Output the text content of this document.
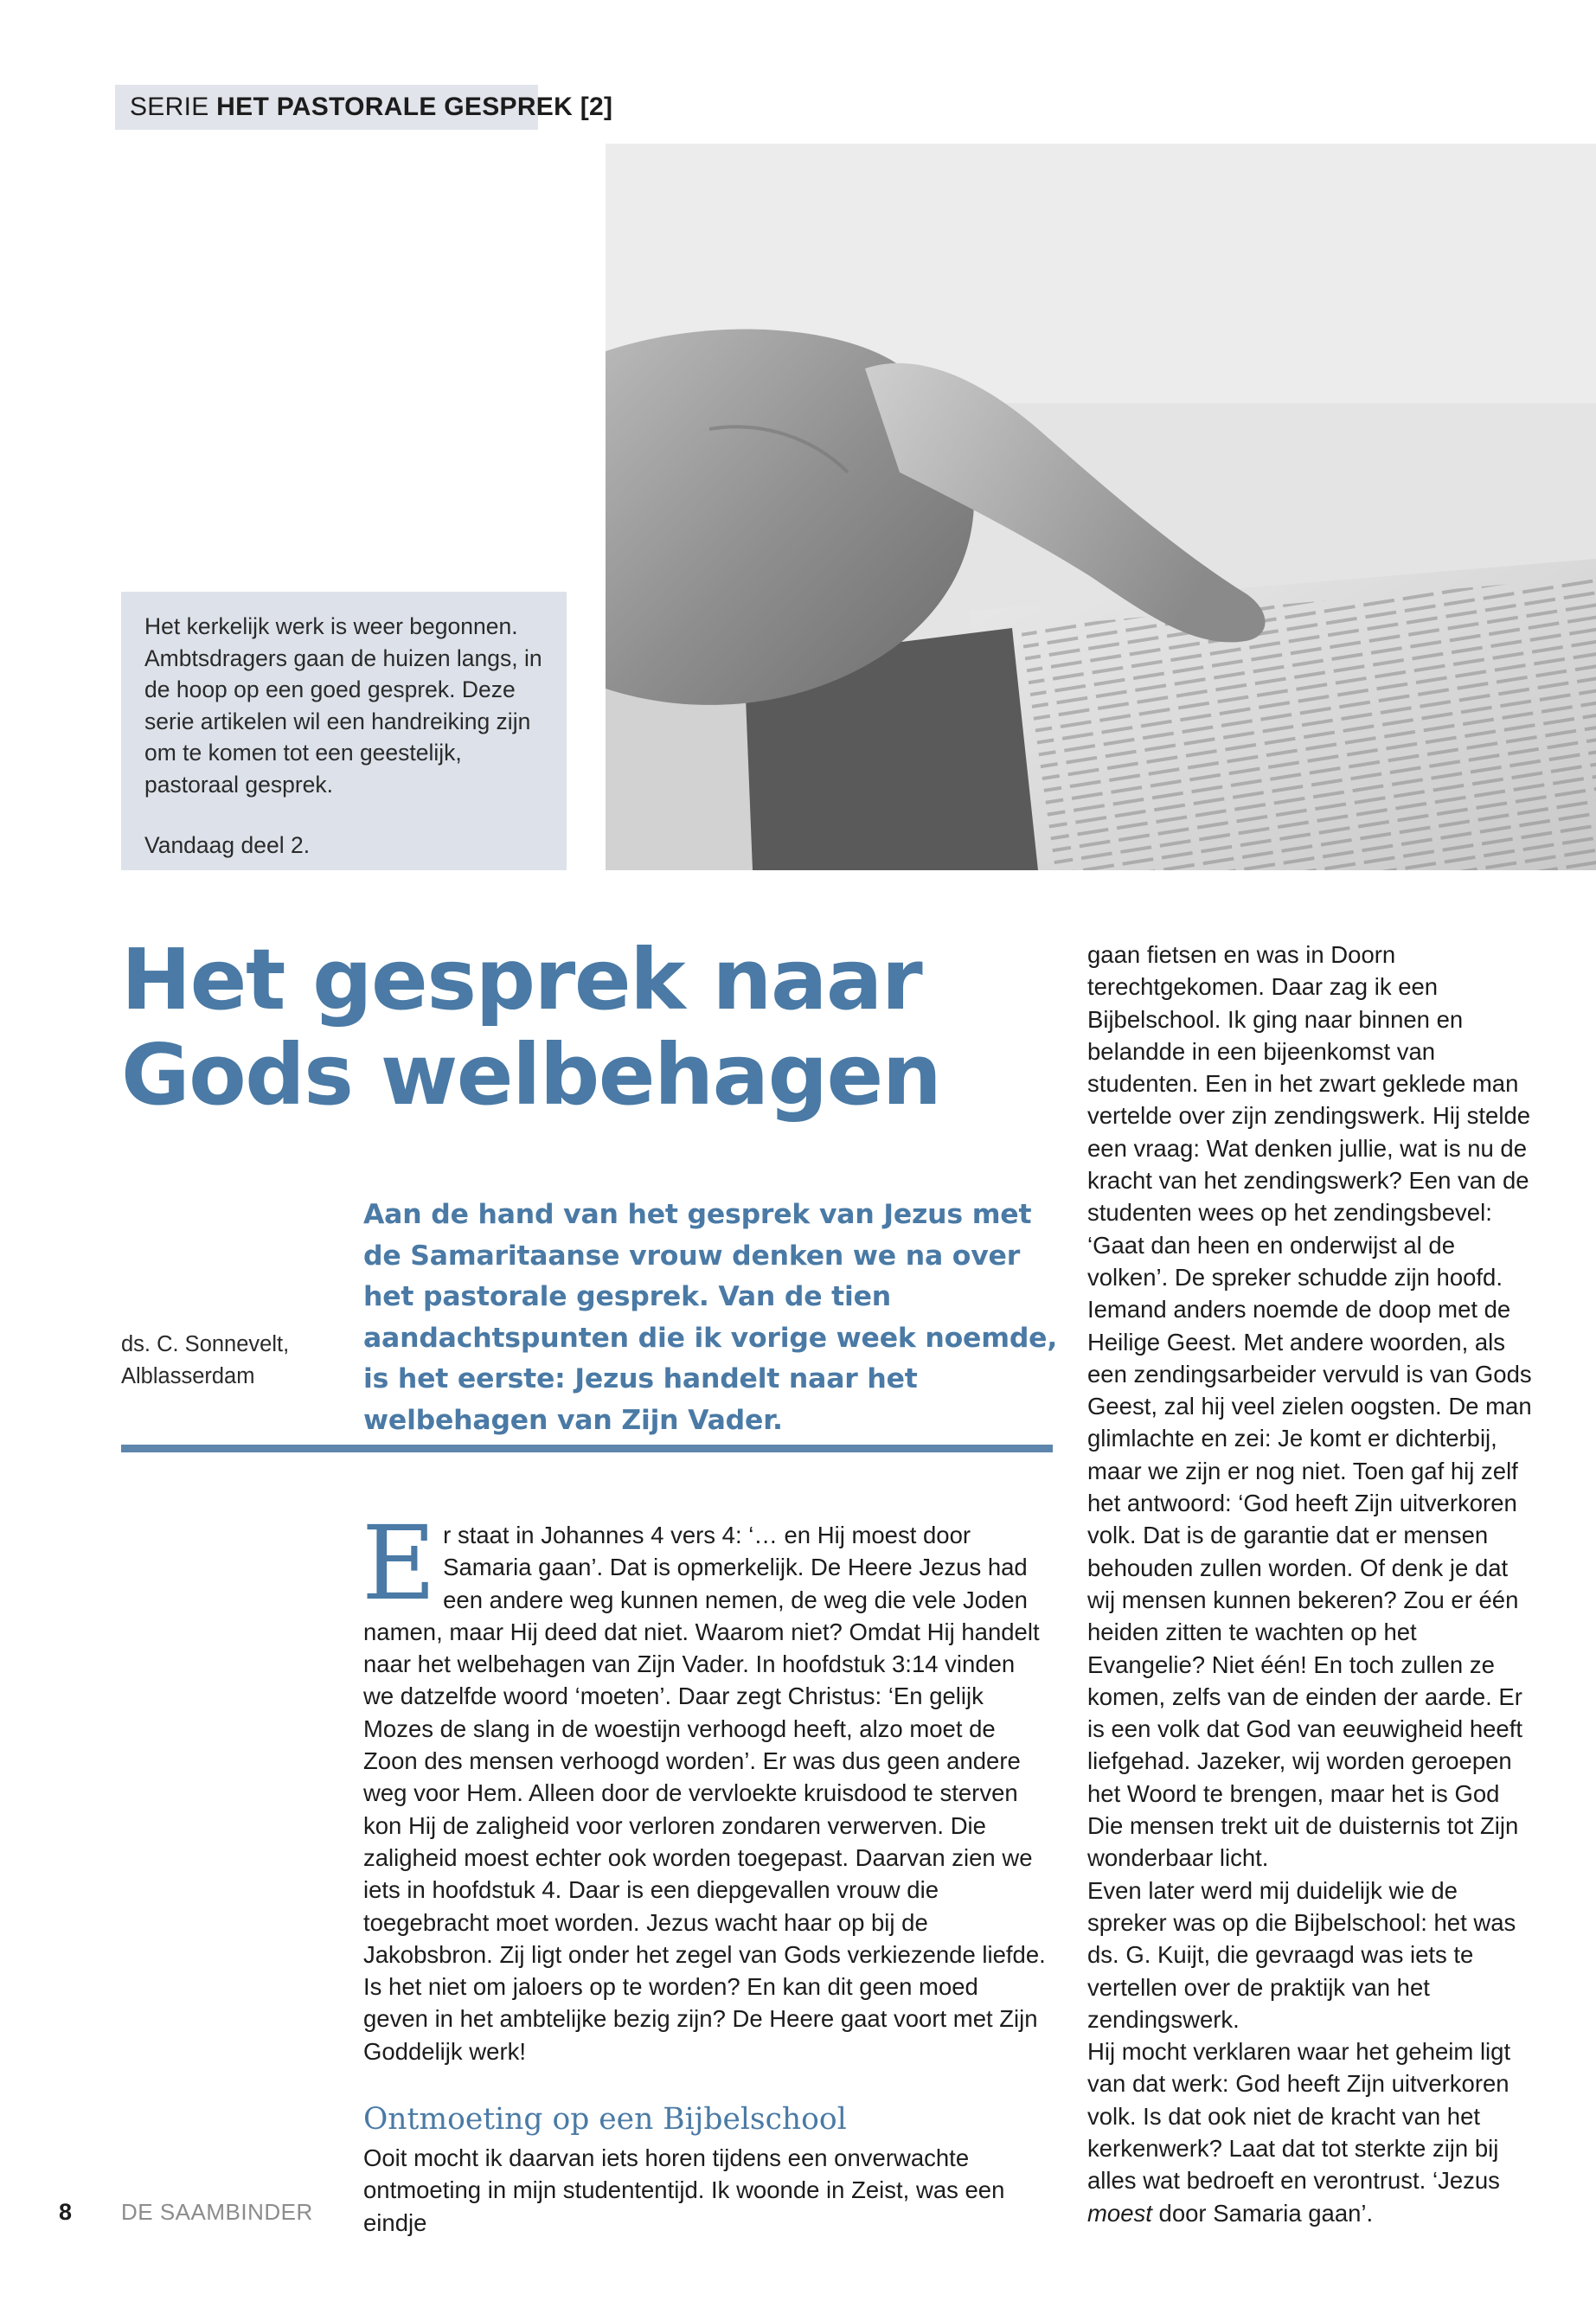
SERIE HET PASTORALE GESPREK [2]

Het kerkelijk werk is weer begonnen. Ambtsdragers gaan de huizen langs, in de hoop op een goed gesprek. Deze serie artikelen wil een handreiking zijn om te komen tot een geestelijk, pastoraal gesprek.

Vandaag deel 2.

Het gesprek naar
Gods welbehagen
ds. C. Sonnevelt,
Alblasserdam

Aan de hand van het gesprek van Jezus met de Samaritaanse vrouw denken we na over het pastorale gesprek. Van de tien aandachtspunten die ik vorige week noemde, is het eerste: Jezus handelt naar het welbehagen van Zijn Vader.

Er staat in Johannes 4 vers 4: ‘… en Hij moest door Samaria gaan’. Dat is opmerkelijk. De Heere Jezus had een andere weg kunnen nemen, de weg die vele Joden namen, maar Hij deed dat niet. Waarom niet? Omdat Hij handelt naar het welbehagen van Zijn Vader. In hoofdstuk 3:14 vinden we datzelfde woord ‘moeten’. Daar zegt Christus: ‘En gelijk Mozes de slang in de woestijn verhoogd heeft, alzo moet de Zoon des mensen verhoogd worden’. Er was dus geen andere weg voor Hem. Alleen door de vervloekte kruisdood te sterven kon Hij de zaligheid voor verloren zondaren verwerven. Die zaligheid moest echter ook worden toegepast. Daarvan zien we iets in hoofdstuk 4. Daar is een diepgevallen vrouw die toegebracht moet worden. Jezus wacht haar op bij de Jakobsbron. Zij ligt onder het zegel van Gods verkiezende liefde. Is het niet om jaloers op te worden? En kan dit geen moed geven in het ambtelijke bezig zijn? De Heere gaat voort met Zijn Goddelijk werk!

Ontmoeting op een Bijbelschool

Ooit mocht ik daarvan iets horen tijdens een onverwachte ontmoeting in mijn studententijd. Ik woonde in Zeist, was een eindje

gaan fietsen en was in Doorn terechtgekomen. Daar zag ik een Bijbelschool. Ik ging naar binnen en belandde in een bijeenkomst van studenten. Een in het zwart geklede man vertelde over zijn zendingswerk. Hij stelde een vraag: Wat denken jullie, wat is nu de kracht van het zendingswerk? Een van de studenten wees op het zendingsbevel: ‘Gaat dan heen en onderwijst al de volken’. De spreker schudde zijn hoofd. Iemand anders noemde de doop met de Heilige Geest. Met andere woorden, als een zendingsarbeider vervuld is van Gods Geest, zal hij veel zielen oogsten. De man glimlachte en zei: Je komt er dichterbij, maar we zijn er nog niet. Toen gaf hij zelf het antwoord: ‘God heeft Zijn uitverkoren volk. Dat is de garantie dat er mensen behouden zullen worden. Of denk je dat wij mensen kunnen bekeren? Zou er één heiden zitten te wachten op het Evangelie? Niet één! En toch zullen ze komen, zelfs van de einden der aarde. Er is een volk dat God van eeuwigheid heeft liefgehad. Jazeker, wij worden geroepen het Woord te brengen, maar het is God Die mensen trekt uit de duisternis tot Zijn wonderbaar licht.

Even later werd mij duidelijk wie de spreker was op die Bijbelschool: het was ds. G. Kuijt, die gevraagd was iets te vertellen over de praktijk van het zendingswerk.

Hij mocht verklaren waar het geheim ligt van dat werk: God heeft Zijn uitverkoren volk. Is dat ook niet de kracht van het kerkenwerk? Laat dat tot sterkte zijn bij alles wat bedroeft en verontrust. ‘Jezus moest door Samaria gaan’.

8 DE SAAMBINDER
